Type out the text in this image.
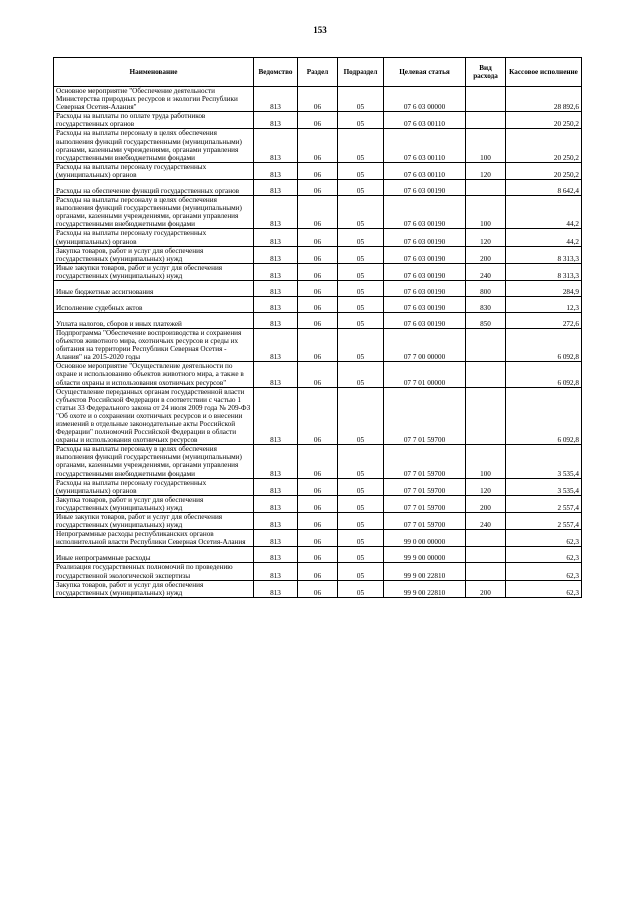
153
Наименование	Ведомство	Раздел	Подраздел	Целевая статья	Вид расхода	Кассовое исполнение
Основное мероприятие "Обеспечение деятельности Министерства природных ресурсов и экологии Республики Северная Осетия-Алания"	813	06	05	07 6 03 00000		28 892,6
Расходы на выплаты по оплате труда работников государственных органов	813	06	05	07 6 03 00110		20 250,2
Расходы на выплаты персоналу в целях обеспечения выполнения функций государственными (муниципальными) органами, казенными учреждениями, органами управления государственными внебюджетными фондами	813	06	05	07 6 03 00110	100	20 250,2
Расходы на выплаты персоналу государственных (муниципальных) органов	813	06	05	07 6 03 00110	120	20 250,2
Расходы на обеспечение функций государственных органов	813	06	05	07 6 03 00190		8 642,4
Расходы на выплаты персоналу в целях обеспечения выполнения функций государственными (муниципальными) органами, казенными учреждениями, органами управления государственными внебюджетными фондами	813	06	05	07 6 03 00190	100	44,2
Расходы на выплаты персоналу государственных (муниципальных) органов	813	06	05	07 6 03 00190	120	44,2
Закупка товаров, работ и услуг для обеспечения государственных (муниципальных) нужд	813	06	05	07 6 03 00190	200	8 313,3
Иные закупки товаров, работ и услуг для обеспечения государственных (муниципальных) нужд	813	06	05	07 6 03 00190	240	8 313,3
Иные бюджетные ассигнования	813	06	05	07 6 03 00190	800	284,9
Исполнение судебных актов	813	06	05	07 6 03 00190	830	12,3
Уплата налогов, сборов и иных платежей	813	06	05	07 6 03 00190	850	272,6
Подпрограмма "Обеспечение воспроизводства и сохранения объектов животного мира, охотничьих ресурсов и среды их обитания на территории Республики Северная Осетия - Алания" на 2015-2020 годы	813	06	05	07 7 00 00000		6 092,8
Основное мероприятие "Осуществление деятельности по охране и использованию объектов животного мира, а также в области охраны и использования охотничьих ресурсов"	813	06	05	07 7 01 00000		6 092,8
Осуществление переданных органам государственной власти субъектов Российской Федерации в соответствии с частью 1 статьи 33 Федерального закона от 24 июля 2009 года № 209-ФЗ "Об охоте и о сохранении охотничьих ресурсов и о внесении изменений в отдельные законодательные акты Российской Федерации" полномочий Российской Федерации в области охраны и использования охотничьих ресурсов	813	06	05	07 7 01 59700		6 092,8
Расходы на выплаты персоналу в целях обеспечения выполнения функций государственными (муниципальными) органами, казенными учреждениями, органами управления государственными внебюджетными фондами	813	06	05	07 7 01 59700	100	3 535,4
Расходы на выплаты персоналу государственных (муниципальных) органов	813	06	05	07 7 01 59700	120	3 535,4
Закупка товаров, работ и услуг для обеспечения государственных (муниципальных) нужд	813	06	05	07 7 01 59700	200	2 557,4
Иные закупки товаров, работ и услуг для обеспечения государственных (муниципальных) нужд	813	06	05	07 7 01 59700	240	2 557,4
Непрограммные расходы республиканских органов исполнительной власти Республики Северная Осетия-Алания	813	06	05	99 0 00 00000		62,3
Иные непрограммные расходы	813	06	05	99 9 00 00000		62,3
Реализация государственных полномочий по проведению государственной экологической экспертизы	813	06	05	99 9 00 22810		62,3
Закупка товаров, работ и услуг для обеспечения государственных (муниципальных) нужд	813	06	05	99 9 00 22810	200	62,3
